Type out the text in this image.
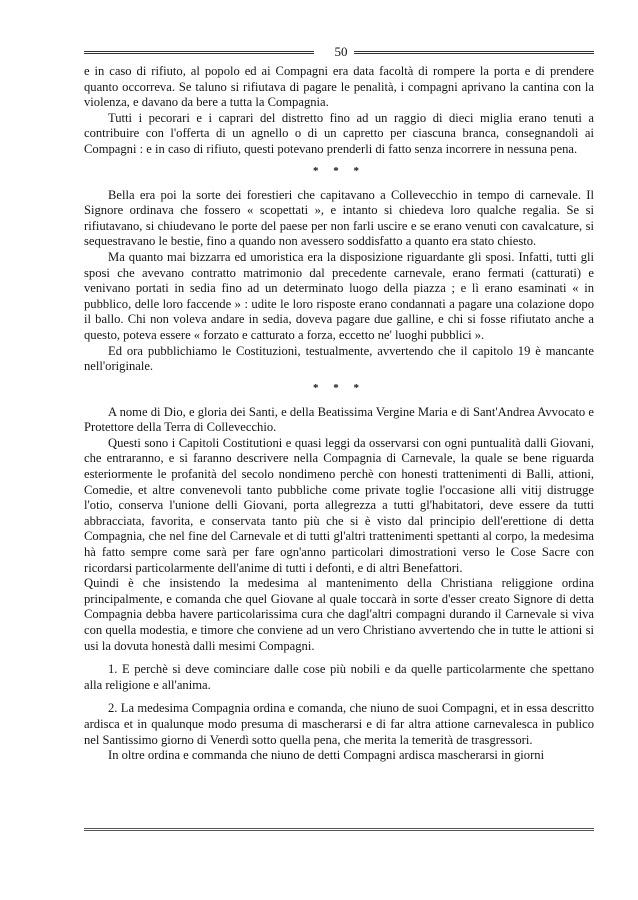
50

e in caso di rifiuto, al popolo ed ai Compagni era data facoltà di rompere la porta e di prendere quanto occorreva. Se taluno si rifiutava di pagare le penalità, i compagni aprivano la cantina con la violenza, e davano da bere a tutta la Compagnia.

Tutti i pecorari e i caprari del distretto fino ad un raggio di dieci miglia erano tenuti a contribuire con l'offerta di un agnello o di un capretto per ciascuna branca, consegnandoli ai Compagni : e in caso di rifiuto, questi potevano prenderli di fatto senza incorrere in nessuna pena.

* * *

Bella era poi la sorte dei forestieri che capitavano a Collevecchio in tempo di carnevale. Il Signore ordinava che fossero « scopettati », e intanto si chiedeva loro qualche regalia. Se si rifiutavano, si chiudevano le porte del paese per non farli uscire e se erano venuti con cavalcature, si sequestravano le bestie, fino a quando non avessero soddisfatto a quanto era stato chiesto.

Ma quanto mai bizzarra ed umoristica era la disposizione riguardante gli sposi. Infatti, tutti gli sposi che avevano contratto matrimonio dal precedente carnevale, erano fermati (catturati) e venivano portati in sedia fino ad un determinato luogo della piazza ; e lì erano esaminati « in pubblico, delle loro faccende » : udite le loro risposte erano condannati a pagare una colazione dopo il ballo. Chi non voleva andare in sedia, doveva pagare due galline, e chi si fosse rifiutato anche a questo, poteva essere « forzato e catturato a forza, eccetto ne' luoghi pubblici ».

Ed ora pubblichiamo le Costituzioni, testualmente, avvertendo che il capitolo 19 è mancante nell'originale.

* * *

A nome di Dio, e gloria dei Santi, e della Beatissima Vergine Maria e di Sant'Andrea Avvocato e Protettore della Terra di Collevecchio.

Questi sono i Capitoli Costitutioni e quasi leggi da osservarsi con ogni puntualità dalli Giovani, che entraranno, e si faranno descrivere nella Compagnia di Carnevale, la quale se bene riguarda esteriormente le profanità del secolo nondimeno perchè con honesti trattenimenti di Balli, attioni, Comedie, et altre convenevoli tanto pubbliche come private toglie l'occasione alli vitij distrugge l'otio, conserva l'unione delli Giovani, porta allegrezza a tutti gl'habitatori, deve essere da tutti abbracciata, favorita, e conservata tanto più che si è visto dal principio dell'erettione di detta Compagnia, che nel fine del Carnevale et di tutti gl'altri trattenimenti spettanti al corpo, la medesima hà fatto sempre come sarà per fare ogn'anno particolari dimostrationi verso le Cose Sacre con ricordarsi particolarmente dell'anime di tutti i defonti, e di altri Benefattori.

Quindi è che insistendo la medesima al mantenimento della Christiana religgione ordina principalmente, e comanda che quel Giovane al quale toccarà in sorte d'esser creato Signore di detta Compagnia debba havere particolarissima cura che dagl'altri compagni durando il Carnevale si viva con quella modestia, e timore che conviene ad un vero Christiano avvertendo che in tutte le attioni si usi la dovuta honestà dalli mesimi Compagni.

1. E perchè si deve cominciare dalle cose più nobili e da quelle particolarmente che spettano alla religione e all'anima.

2. La medesima Compagnia ordina e comanda, che niuno de suoi Compagni, et in essa descritto ardisca et in qualunque modo presuma di mascherarsi e di far altra attione carnevalesca in publico nel Santissimo giorno di Venerdì sotto quella pena, che merita la temerità de trasgressori.

In oltre ordina e commanda che niuno de detti Compagni ardisca mascherarsi in giorni
